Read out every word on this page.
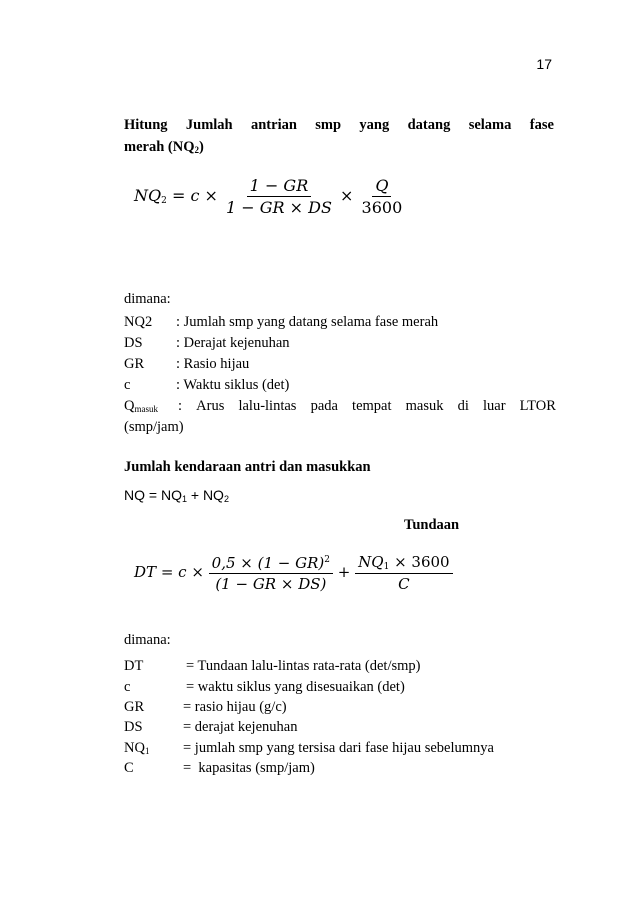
17
Hitung Jumlah antrian smp yang datang selama fase
merah $(NQ_2)$
$NQ_2 = c \times \frac{1 - GR}{1 - GR \times DS} \times \frac{Q}{3600}$
dimana:
NQ2 : Jumlah smp yang datang selama fase merah
DS : Derajat kejenuhan
GR : Rasio hijau
c	: Waktu siklus (det)
$Q_{masuk}$ : Arus lalu-lintas pada tempat masuk di luar LTOR
(smp/jam)
Jumlah kendaraan antri dan masukkan
NQ = $NQ_1 + NQ_2$
Tundaan
DT = $c \times \frac{0,5 \times (1 - GR)^2}{(1 - GR \times DS)} + \frac{NQ_1 \times 3600}{C}$
dimana:
DT	= Tundaan lalu-lintas rata-rata (det/smp)
c	= waktu siklus yang disesuaikan (det)
GR	= rasio hijau (g/c)
DS	= derajat kejenuhan
$NQ_1$ = jumlah smp yang tersisa dari fase hijau sebelumnya
C	=  kapasitas (smp/jam)
